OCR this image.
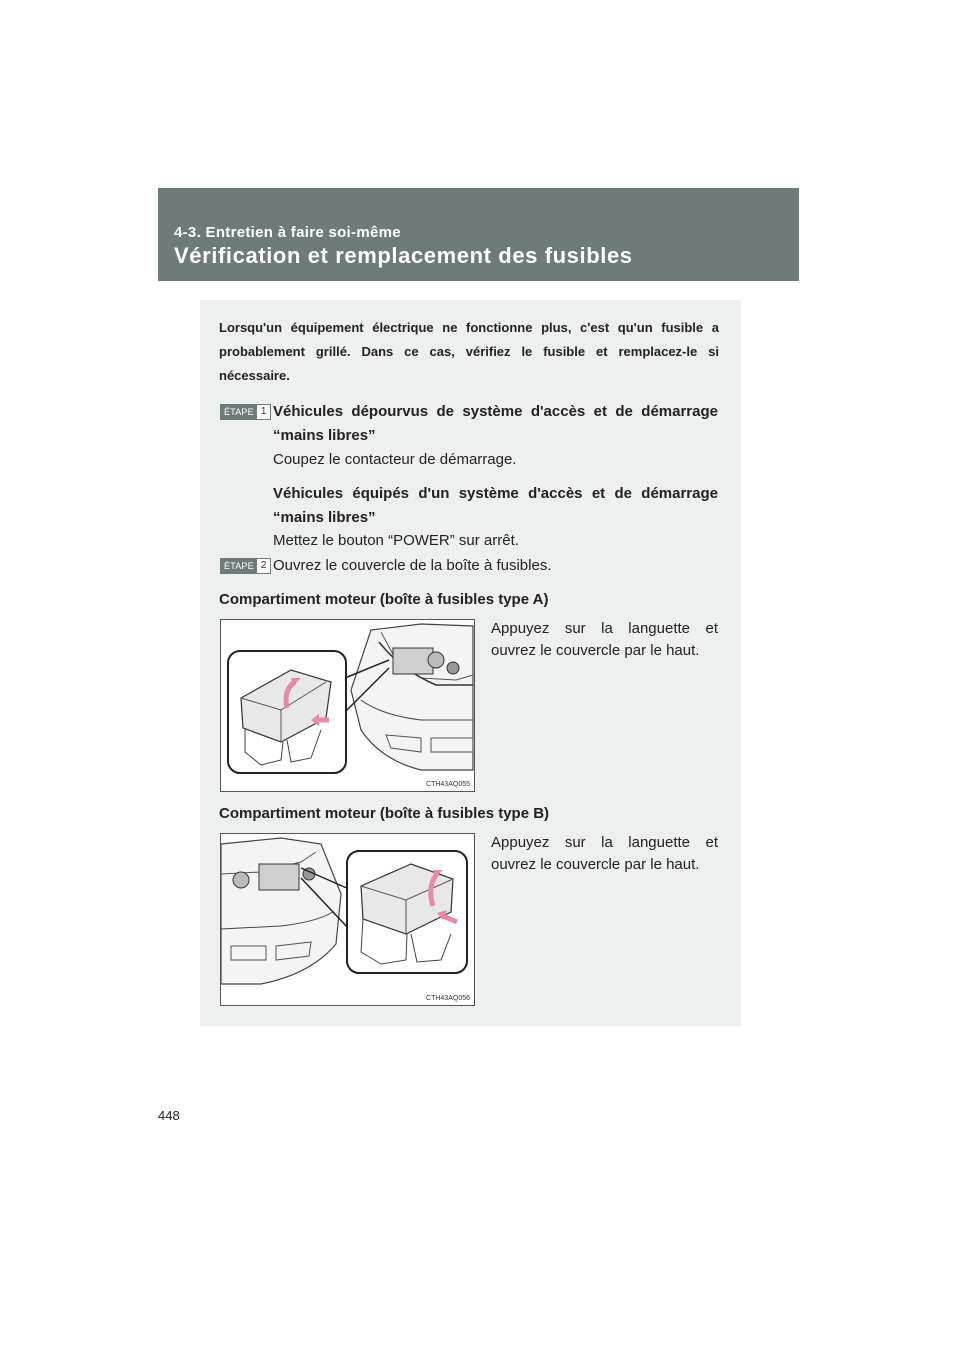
4-3. Entretien à faire soi-même
Vérification et remplacement des fusibles
Lorsqu'un équipement électrique ne fonctionne plus, c'est qu'un fusible a probablement grillé. Dans ce cas, vérifiez le fusible et remplacez-le si nécessaire.
ÉTAPE 1 Véhicules dépourvus de système d'accès et de démarrage “mains libres”
Coupez le contacteur de démarrage.
Véhicules équipés d'un système d'accès et de démarrage “mains libres”
Mettez le bouton “POWER” sur arrêt.
ÉTAPE 2 Ouvrez le couvercle de la boîte à fusibles.
Compartiment moteur (boîte à fusibles type A)
CTH43AQ055
Appuyez sur la languette et ouvrez le couvercle par le haut.
Compartiment moteur (boîte à fusibles type B)
CTH43AQ056
Appuyez sur la languette et ouvrez le couvercle par le haut.
448
